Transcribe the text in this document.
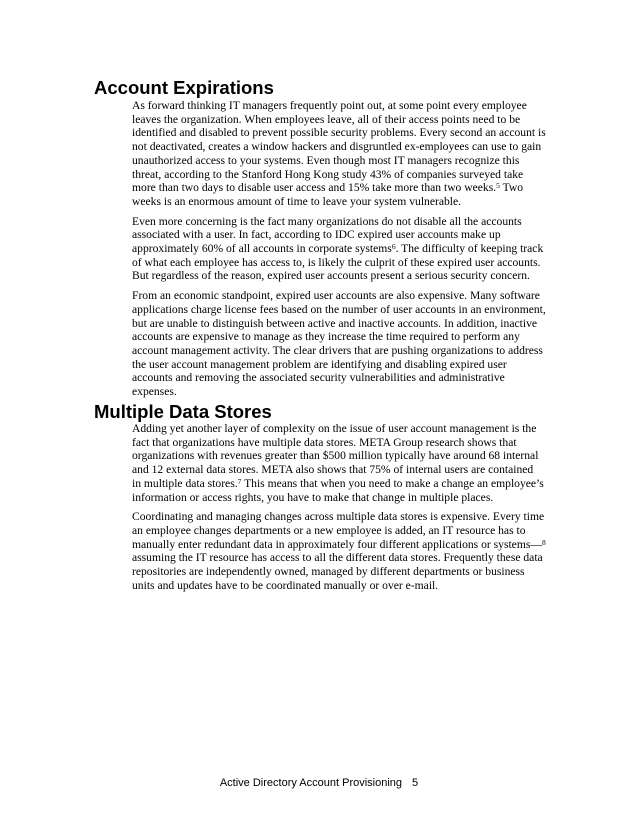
Account Expirations

As forward thinking IT managers frequently point out, at some point every employee
leaves the organization. When employees leave, all of their access points need to be
identified and disabled to prevent possible security problems. Every second an account is
not deactivated, creates a window hackers and disgruntled ex-employees can use to gain
unauthorized access to your systems. Even though most IT managers recognize this
threat, according to the Stanford Hong Kong study 43% of companies surveyed take
more than two days to disable user access and 15% take more than two weeks.$^5$ Two
weeks is an enormous amount of time to leave your system vulnerable.

Even more concerning is the fact many organizations do not disable all the accounts
associated with a user. In fact, according to IDC expired user accounts make up
approximately 60% of all accounts in corporate systems$^6$. The difficulty of keeping track
of what each employee has access to, is likely the culprit of these expired user accounts.
But regardless of the reason, expired user accounts present a serious security concern.

From an economic standpoint, expired user accounts are also expensive. Many software
applications charge license fees based on the number of user accounts in an environment,
but are unable to distinguish between active and inactive accounts. In addition, inactive
accounts are expensive to manage as they increase the time required to perform any
account management activity. The clear drivers that are pushing organizations to address
the user account management problem are identifying and disabling expired user
accounts and removing the associated security vulnerabilities and administrative
expenses.

Multiple Data Stores

Adding yet another layer of complexity on the issue of user account management is the
fact that organizations have multiple data stores. META Group research shows that
organizations with revenues greater than $500 million typically have around 68 internal
and 12 external data stores. META also shows that 75% of internal users are contained
in multiple data stores.$^7$ This means that when you need to make a change an employee’s
information or access rights, you have to make that change in multiple places.

Coordinating and managing changes across multiple data stores is expensive. Every time
an employee changes departments or a new employee is added, an IT resource has to
manually enter redundant data in approximately four different applications or systems—$^8$
assuming the IT resource has access to all the different data stores. Frequently these data
repositories are independently owned, managed by different departments or business
units and updates have to be coordinated manually or over e-mail.

Active Directory Account Provisioning 5
